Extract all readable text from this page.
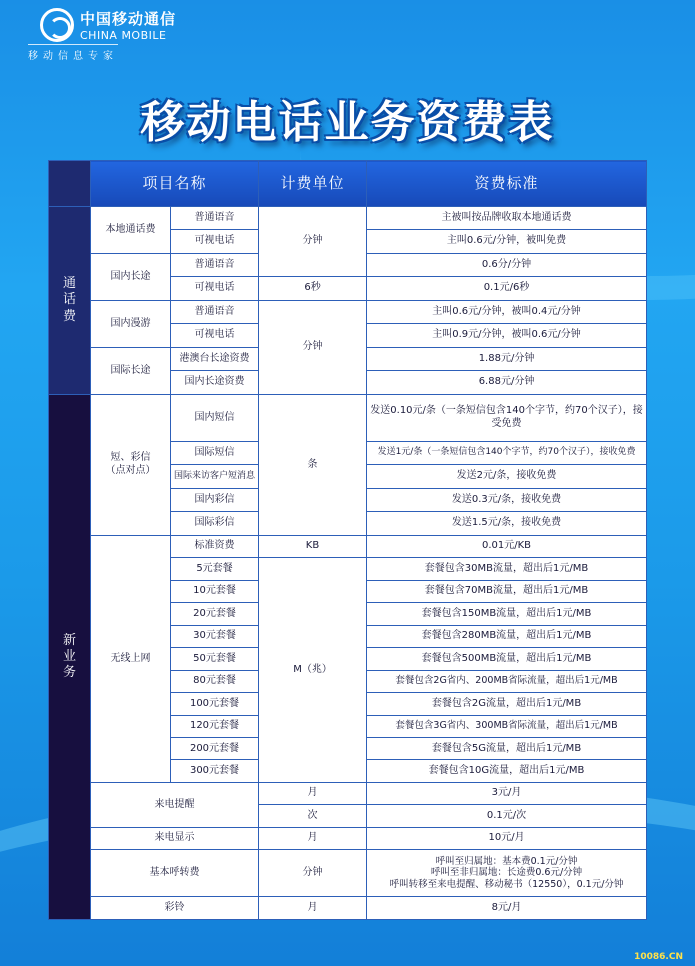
中国移动通信
CHINA MOBILE
移动信息专家
移动电话业务资费表
	项目名称		计费单位	资费标准
通
话
费	本地通话费	普通语音	分钟	主被叫按品牌收取本地通话费
		可视电话		主叫0.6元/分钟，被叫免费
	国内长途	普通语音		0.6分/分钟
		可视电话	6秒	0.1元/6秒
	国内漫游	普通语音	分钟	主叫0.6元/分钟，被叫0.4元/分钟
		可视电话		主叫0.9元/分钟，被叫0.6元/分钟
	国际长途	港澳台长途资费		1.88元/分钟
		国内长途资费		6.88元/分钟
新
业
务	短、彩信
（点对点）	国内短信	条	发送0.10元/条（一条短信包含140个字节，约70个汉子），接受免费
		国际短信		发送1元/条（一条短信包含140个字节，约70个汉子），接收免费
		国际来访客户短消息		发送2元/条，接收免费
		国内彩信		发送0.3元/条，接收免费
		国际彩信		发送1.5元/条，接收免费
	无线上网	标准资费	KB	0.01元/KB
		5元套餐	M（兆）	套餐包含30MB流量，超出后1元/MB
		10元套餐		套餐包含70MB流量，超出后1元/MB
		20元套餐		套餐包含150MB流量，超出后1元/MB
		30元套餐		套餐包含280MB流量，超出后1元/MB
		50元套餐		套餐包含500MB流量，超出后1元/MB
		80元套餐		套餐包含2G省内、200MB省际流量，超出后1元/MB
		100元套餐		套餐包含2G流量，超出后1元/MB
		120元套餐		套餐包含3G省内、300MB省际流量，超出后1元/MB
		200元套餐		套餐包含5G流量，超出后1元/MB
		300元套餐		套餐包含10G流量，超出后1元/MB
	来电提醒		月	3元/月
			次	0.1元/次
	来电显示		月	10元/月
	基本呼转费		分钟	呼叫至归属地：基本费0.1元/分钟
呼叫至非归属地：长途费0.6元/分钟
呼叫转移至来电提醒、移动秘书（12550），0.1元/分钟

	彩铃		月	8元/月
10086.CN
